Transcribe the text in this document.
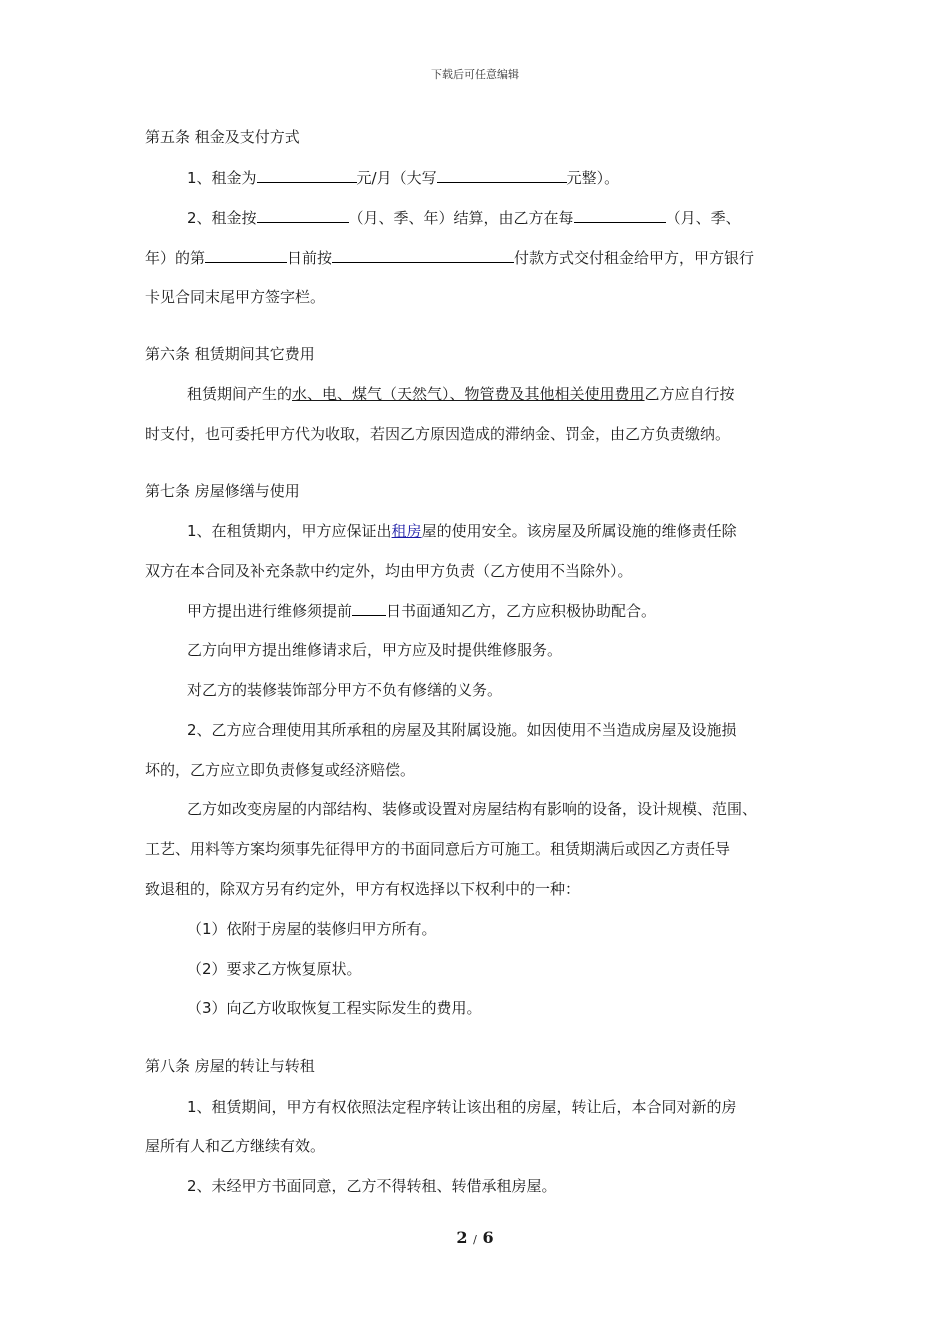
下载后可任意编辑
第五条 租金及支付方式
1、租金为	元/月（大写	元整）。
2、租金按	（月、季、年）结算，由乙方在每	（月、季、
年）的第	日前按	付款方式交付租金给甲方，甲方银行
卡见合同末尾甲方签字栏。
第六条 租赁期间其它费用
租赁期间产生的水、电、煤气（天然气）、物管费及其他相关使用费用乙方应自行按
时支付，也可委托甲方代为收取，若因乙方原因造成的滞纳金、罚金，由乙方负责缴纳。
第七条 房屋修缮与使用
1、在租赁期内，甲方应保证出租房屋的使用安全。该房屋及所属设施的维修责任除
双方在本合同及补充条款中约定外，均由甲方负责（乙方使用不当除外）。
甲方提出进行维修须提前 日书面通知乙方，乙方应积极协助配合。
乙方向甲方提出维修请求后，甲方应及时提供维修服务。
对乙方的装修装饰部分甲方不负有修缮的义务。
2、乙方应合理使用其所承租的房屋及其附属设施。如因使用不当造成房屋及设施损
坏的，乙方应立即负责修复或经济赔偿。
乙方如改变房屋的内部结构、装修或设置对房屋结构有影响的设备，设计规模、范围、
工艺、用料等方案均须事先征得甲方的书面同意后方可施工。租赁期满后或因乙方责任导
致退租的，除双方另有约定外，甲方有权选择以下权利中的一种：
（1）依附于房屋的装修归甲方所有。
（2）要求乙方恢复原状。
（3）向乙方收取恢复工程实际发生的费用。
第八条 房屋的转让与转租
1、租赁期间，甲方有权依照法定程序转让该出租的房屋，转让后，本合同对新的房
屋所有人和乙方继续有效。
2、未经甲方书面同意，乙方不得转租、转借承租房屋。
2 / 6
